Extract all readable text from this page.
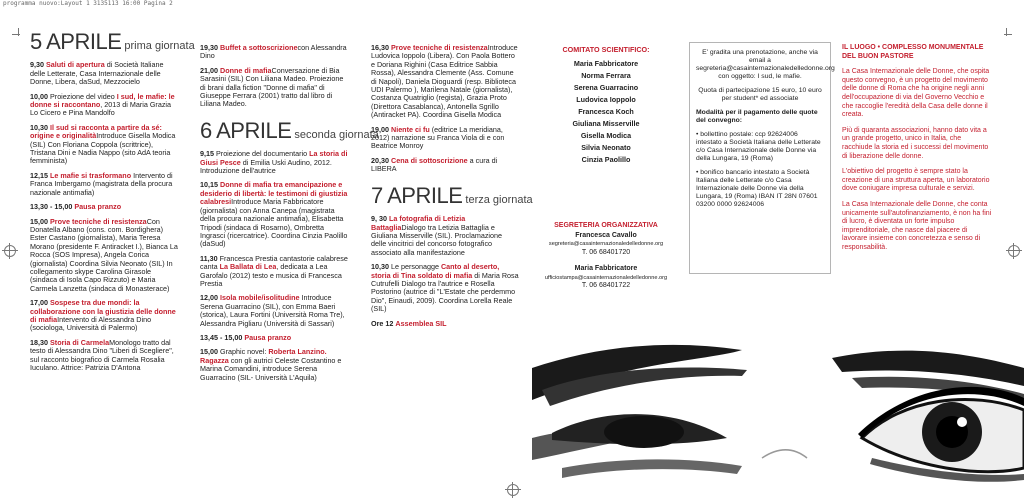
programma nuovo:Layout 1 3135113 16:00 Pagina 2
5 APRILE prima giornata

9,30 Saluti di apertura di Società Italiane delle Letterate, Casa Internazionale delle Donne, Libera, daSud, Mezzocielo

10,00 Proiezione del video I sud, le mafie: le donne si raccontano, 2013 di Maria Grazia Lo Cicero e Pina Mandolfo

10,30 Il sud si racconta a partire da sé: origine e originalitàIntroduce Gisella Modica (SIL) Con Floriana Coppola (scrittrice), Tristana Dini e Nadia Nappo (sito AdA teoria femminista)

12,15 Le mafie si trasformano Intervento di Franca Imbergamo (magistrata della procura nazionale antimafia)

13,30 - 15,00 Pausa pranzo

15,00 Prove tecniche di resistenzaCon Donatella Albano (cons. com. Bordighera) Ester Castano (giornalista), Maria Teresa Morano (presidente F. Antiracket I.), Bianca La Rocca (SOS Impresa), Angela Corica (giornalista) Coordina Silvia Neonato (SIL) In collegamento skype Carolina Girasole (sindaca di Isola Capo Rizzuto) e Maria Carmela Lanzetta (sindaca di Monasterace)

17,00 Sospese tra due mondi: la collaborazione con la giustizia delle donne di mafiaIntervento di Alessandra Dino (sociologa, Università di Palermo)

18,30 Storia di CarmelaMonologo tratto dal testo di Alessandra Dino "Liberi di Scegliere", sul racconto biografico di Carmela Rosalia Iuculano. Attrice: Patrizia D'Antona

19,30 Buffet a sottoscrizionecon Alessandra Dino

21,00 Donne di mafiaConversazione di Bia Sarasini (SIL) Con Liliana Madeo. Proiezione di brani dalla fiction "Donne di mafia" di Giuseppe Ferrara (2001) tratto dal libro di Liliana Madeo.

6 APRILE seconda giornata

9,15 Proiezione del documentario La storia di Giusi Pesce di Emilia Uski Audino, 2012. Introduzione dell'autrice

10,15 Donne di mafia tra emancipazione e desiderio di libertà: le testimoni di giustizia calabresiIntroduce Maria Fabbricatore (giornalista) con Anna Canepa (magistrata della procura nazionale antimafia), Elisabetta Tripodi (sindaca di Rosarno), Ombretta Ingrasci (ricercatrice). Coordina Cinzia Paolillo (daSud)

11,30 Francesca Prestia cantastorie calabrese canta La Ballata di Lea, dedicata a Lea Garofalo (2012) testo e musica di Francesca Prestia

12,00 Isola mobile/isolitudine Introduce Serena Guarracino (SIL), con Emma Baeri (storica), Laura Fortini (Università Roma Tre), Alessandra Pigliaru (Università di Sassari)

13,45 - 15,00 Pausa pranzo

15,00 Graphic novel: Roberta Lanzino. Ragazza con gli autrici Celeste Costantino e Marina Comandini, introduce Serena Guarracino (SIL- Università L'Aquila)

16,30 Prove tecniche di resistenzaIntroduce Ludovica Ioppolo (Libera). Con Paola Bottero e Doriana Righini (Casa Editrice Sabbia Rossa), Alessandra Clemente (Ass. Comune di Napoli), Daniela Dioguardi (resp. Biblioteca UDI Palermo ), Marilena Natale (giornalista), Costanza Quatriglio (regista), Grazia Proto (Direttora Casablanca), Antonella Sgrillo (Antiracket PA). Coordina Gisella Modica

19,00 Niente ci fu (editrice La meridiana, 2012) narrazione su Franca Viola di e con Beatrice Monroy

20,30 Cena di sottoscrizione a cura di LIBERA

7 APRILE terza giornata

9, 30 La fotografia di Letizia BattagliaDialogo tra Letizia Battaglia e Giuliana Misserville (SIL). Proclamazione delle vincitrici del concorso fotografico associato alla manifestazione

10,30 Le personagge Canto al deserto, storia di Tina soldato di mafia di Maria Rosa Cutrufelli Dialogo tra l'autrice e Rosella Postorino (autrice di "L'Estate che perdemmo Dio", Einaudi, 2009). Coordina Lorella Reale (SIL)

Ore 12 Assemblea SIL

COMITATO SCIENTIFICO:
Maria Fabbricatore
Norma Ferrara
Serena Guarracino
Ludovica Ioppolo
Francesca Koch
Giuliana Misserville
Gisella Modica
Silvia Neonato
Cinzia Paolillo
SEGRETERIA ORGANIZZATIVA
Francesca Cavallo
segreteria@casainternazionaledelledonne.org
T. 06 68401720
Maria Fabbricatore
ufficiostampa@casainternazionaledelledonne.org
T. 06 68401722

E' gradita una prenotazione, anche via email a segreteria@casainternazionaledelledonne.org con oggetto: I sud, le mafie.

Quota di partecipazione 15 euro, 10 euro per student* ed associate

Modalità per il pagamento delle quote del convegno:

• bollettino postale: ccp 92624006 intestato a Società Italiana delle Letterate c/o Casa Internazionale delle Donne via della Lungara, 19 (Roma)

• bonifico bancario intestato a Società Italiana delle Letterate c/o Casa Internazionale delle Donne via della Lungara, 19 (Roma) IBAN IT 28N 07601 03200 0000 92624006

IL LUOGO • COMPLESSO MONUMENTALE DEL BUON PASTORE

La Casa Internazionale delle Donne, che ospita questo convegno, è un progetto del movimento delle donne di Roma che ha origine negli anni dell'occupazione di via del Governo Vecchio e che raccoglie l'eredità della Casa delle donne il creata.

Più di quaranta associazioni, hanno dato vita a un grande progetto, unico in Italia, che racchiude la storia ed i successi del movimento di liberazione delle donne.

L'obiettivo del progetto è sempre stato la creazione di una struttura aperta, un laboratorio dove coniugare impresa culturale e servizi.

La Casa Internazionale delle Donne, che conta unicamente sull'autofinanziamento, è non ha fini di lucro, è diventata un forte impulso imprenditoriale, che nasce dal piacere di lavorare insieme con concretezza e senso di responsabilità.
